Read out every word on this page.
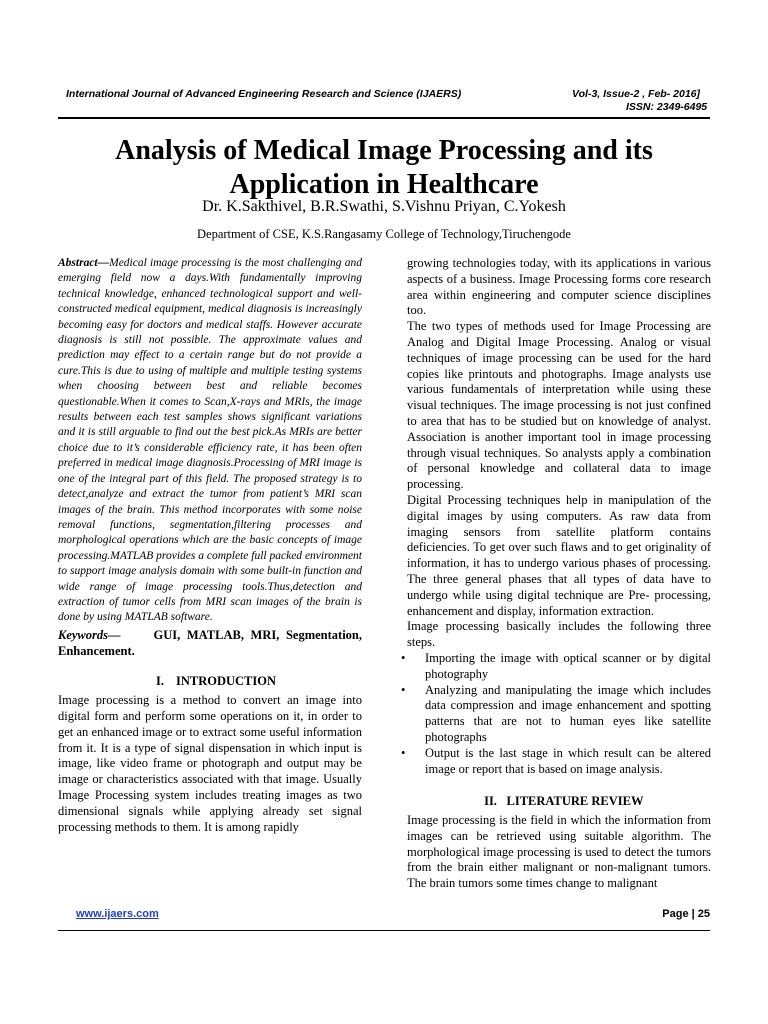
International Journal of Advanced Engineering Research and Science (IJAERS)	Vol-3, Issue-2 , Feb- 2016]
ISSN: 2349-6495
Analysis of Medical Image Processing and its
Application in Healthcare
Dr. K.Sakthivel, B.R.Swathi, S.Vishnu Priyan, C.Yokesh
Department of CSE, K.S.Rangasamy College of Technology,Tiruchengode

Abstract—Medical image processing is the most challenging and emerging field now a days.With fundamentally improving technical knowledge, enhanced technological support and well-constructed medical equipment, medical diagnosis is increasingly becoming easy for doctors and medical staffs. However accurate diagnosis is still not possible. The approximate values and prediction may effect to a certain range but do not provide a cure.This is due to using of multiple and multiple testing systems when choosing between best and reliable becomes questionable.When it comes to Scan,X-rays and MRIs, the image results between each test samples shows significant variations and it is still arguable to find out the best pick.As MRIs are better choice due to it’s considerable efficiency rate, it has been often preferred in medical image diagnosis.Processing of MRI image is one of the integral part of this field. The proposed strategy is to detect,analyze and extract the tumor from patient’s MRI scan images of the brain. This method incorporates with some noise removal functions, segmentation,filtering processes and morphological operations which are the basic concepts of image processing.MATLAB provides a complete full packed environment to support image analysis domain with some built-in function and wide range of image processing tools.Thus,detection and extraction of tumor cells from MRI scan images of the brain is done by using MATLAB software.

Keywords—	GUI, MATLAB, MRI, Segmentation, Enhancement.

I. INTRODUCTION

Image processing is a method to convert an image into digital form and perform some operations on it, in order to get an enhanced image or to extract some useful information from it. It is a type of signal dispensation in which input is image, like video frame or photograph and output may be image or characteristics associated with that image. Usually Image Processing system includes treating images as two dimensional signals while applying already set signal processing methods to them. It is among rapidly

growing technologies today, with its applications in various aspects of a business. Image Processing forms core research area within engineering and computer science disciplines too.

The two types of methods used for Image Processing are Analog and Digital Image Processing. Analog or visual techniques of image processing can be used for the hard copies like printouts and photographs. Image analysts use various fundamentals of interpretation while using these visual techniques. The image processing is not just confined to area that has to be studied but on knowledge of analyst. Association is another important tool in image processing through visual techniques. So analysts apply a combination of personal knowledge and collateral data to image processing.

Digital Processing techniques help in manipulation of the digital images by using computers. As raw data from imaging sensors from satellite platform contains deficiencies. To get over such flaws and to get originality of information, it has to undergo various phases of processing. The three general phases that all types of data have to undergo while using digital technique are Pre- processing, enhancement and display, information extraction.

Image processing basically includes the following three steps.

• Importing the image with optical scanner or by digital photography
• Analyzing and manipulating the image which includes data compression and image enhancement and spotting patterns that are not to human eyes like satellite photographs
• Output is the last stage in which result can be altered image or report that is based on image analysis.
II. LITERATURE REVIEW

Image processing is the field in which the information from images can be retrieved using suitable algorithm. The morphological image processing is used to detect the tumors from the brain either malignant or non-malignant tumors. The brain tumors some times change to malignant

www.ijaers.com	Page | 25
